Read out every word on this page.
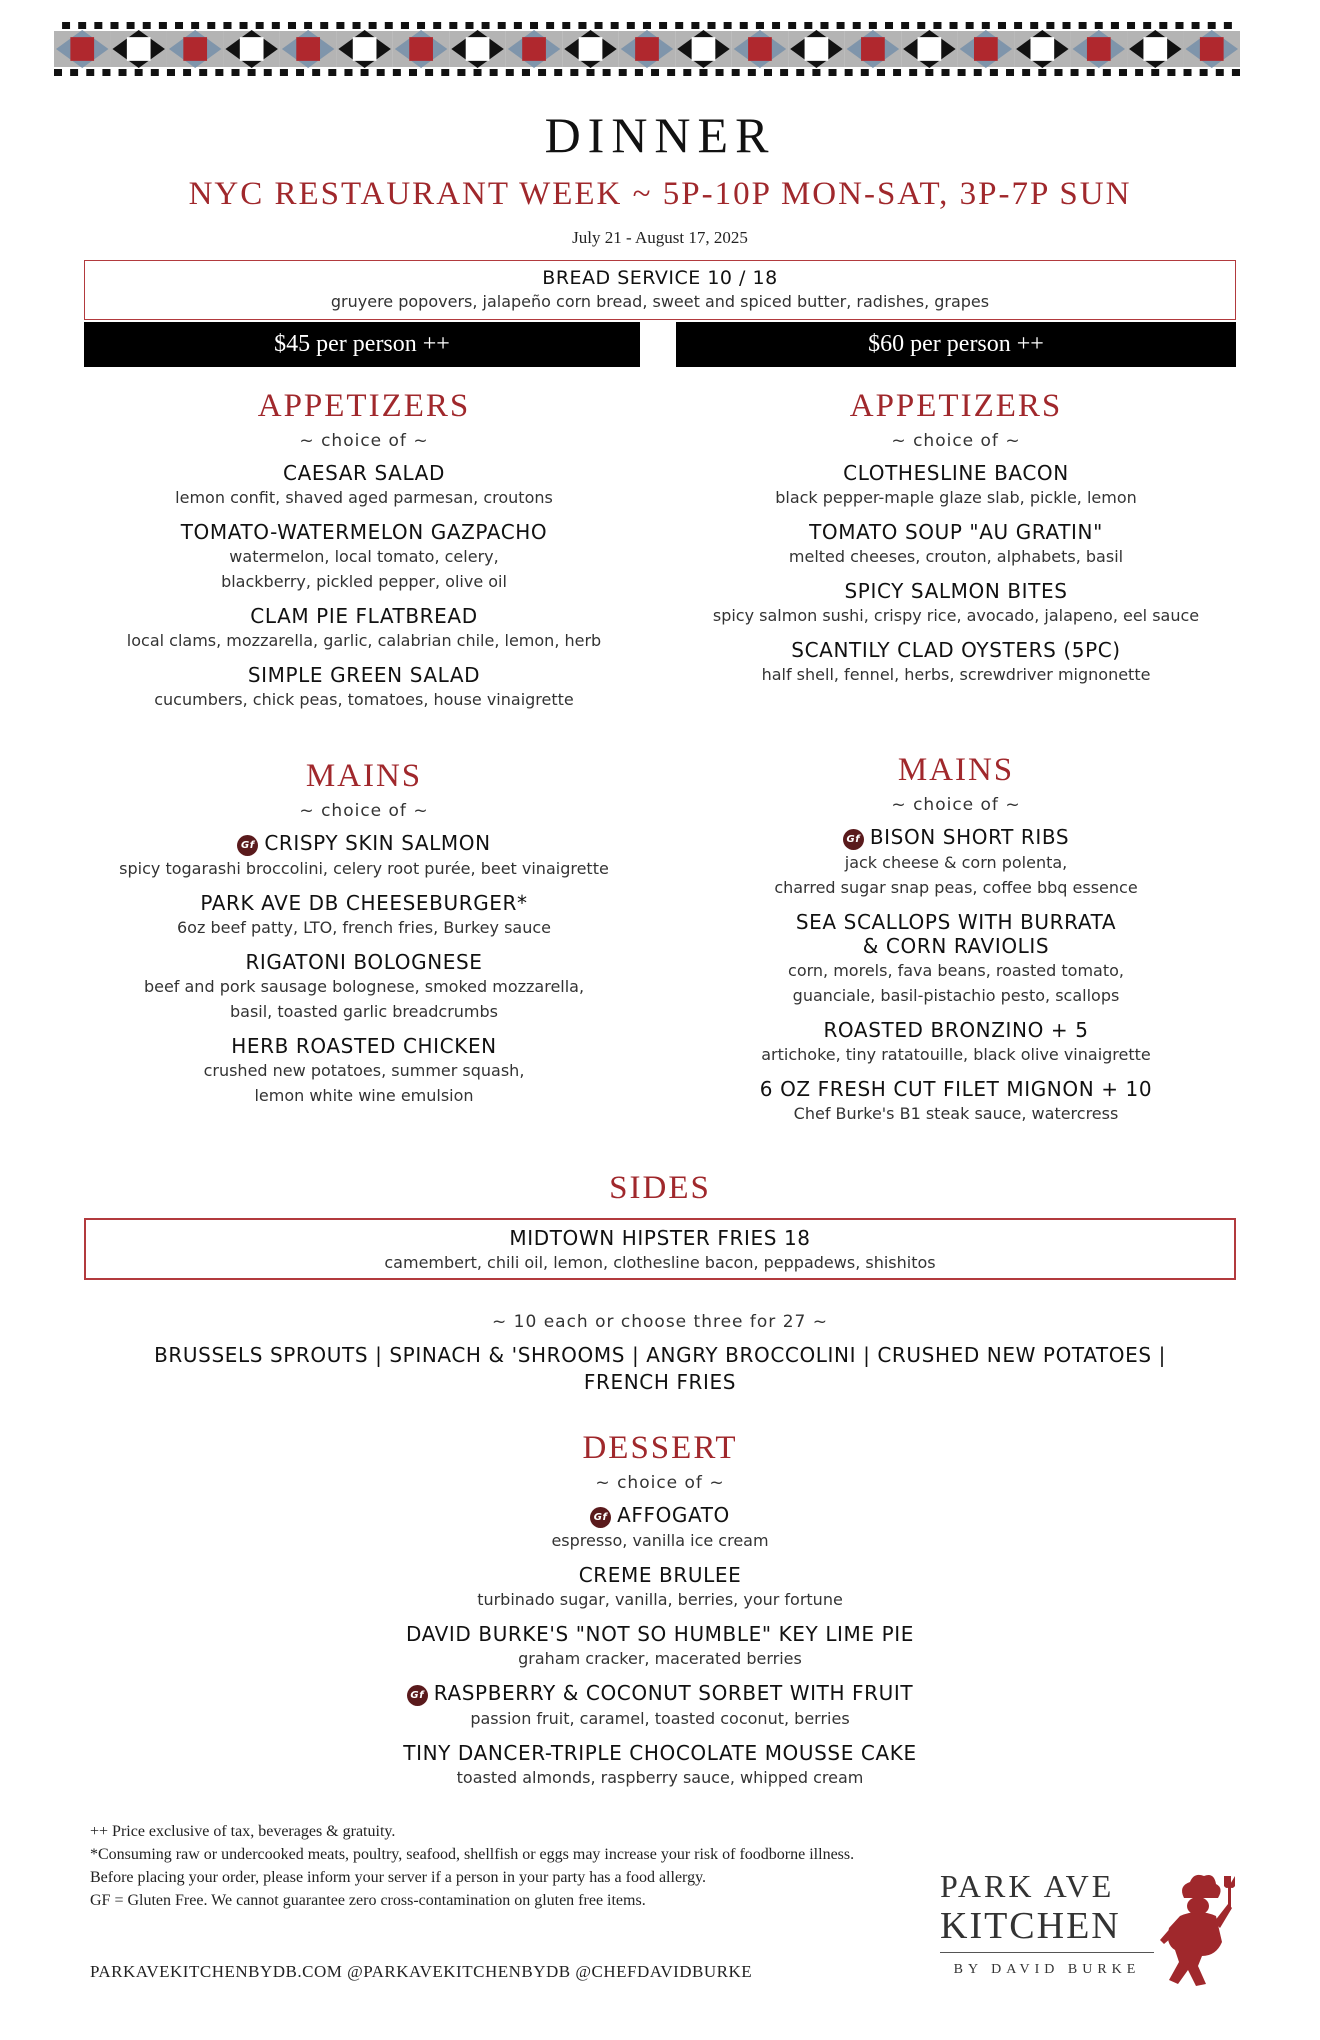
DINNER
NYC RESTAURANT WEEK ~ 5P-10P MON-SAT, 3P-7P SUN
July 21 - August 17, 2025
BREAD SERVICE 10 / 18
gruyere popovers, jalapeño corn bread, sweet and spiced butter, radishes, grapes
$45 per person ++	$60 per person ++
APPETIZERS
~ choice of ~
CAESAR SALAD
lemon confit, shaved aged parmesan, croutons
TOMATO-WATERMELON GAZPACHO
watermelon, local tomato, celery,
blackberry, pickled pepper, olive oil
CLAM PIE FLATBREAD
local clams, mozzarella, garlic, calabrian chile, lemon, herb
SIMPLE GREEN SALAD
cucumbers, chick peas, tomatoes, house vinaigrette
MAINS
~ choice of ~
Gf CRISPY SKIN SALMON
spicy togarashi broccolini, celery root purée, beet vinaigrette
PARK AVE DB CHEESEBURGER*
6oz beef patty, LTO, french fries, Burkey sauce
RIGATONI BOLOGNESE
beef and pork sausage bolognese, smoked mozzarella,
basil, toasted garlic breadcrumbs
HERB ROASTED CHICKEN
crushed new potatoes, summer squash,
lemon white wine emulsion
APPETIZERS
~ choice of ~
CLOTHESLINE BACON
black pepper-maple glaze slab, pickle, lemon
TOMATO SOUP "AU GRATIN"
melted cheeses, crouton, alphabets, basil
SPICY SALMON BITES
spicy salmon sushi, crispy rice, avocado, jalapeno, eel sauce
SCANTILY CLAD OYSTERS (5PC)
half shell, fennel, herbs, screwdriver mignonette
MAINS
~ choice of ~
Gf BISON SHORT RIBS
jack cheese & corn polenta,
charred sugar snap peas, coffee bbq essence
SEA SCALLOPS WITH BURRATA
& CORN RAVIOLIS
corn, morels, fava beans, roasted tomato,
guanciale, basil-pistachio pesto, scallops
ROASTED BRONZINO + 5
artichoke, tiny ratatouille, black olive vinaigrette
6 OZ FRESH CUT FILET MIGNON + 10
Chef Burke's B1 steak sauce, watercress
SIDES
MIDTOWN HIPSTER FRIES 18
camembert, chili oil, lemon, clothesline bacon, peppadews, shishitos
~ 10 each or choose three for 27 ~
BRUSSELS SPROUTS | SPINACH & 'SHROOMS | ANGRY BROCCOLINI | CRUSHED NEW POTATOES |
FRENCH FRIES
DESSERT
~ choice of ~
Gf AFFOGATO
espresso, vanilla ice cream
CREME BRULEE
turbinado sugar, vanilla, berries, your fortune
DAVID BURKE'S "NOT SO HUMBLE" KEY LIME PIE
graham cracker, macerated berries
Gf RASPBERRY & COCONUT SORBET WITH FRUIT
passion fruit, caramel, toasted coconut, berries
TINY DANCER-TRIPLE CHOCOLATE MOUSSE CAKE
toasted almonds, raspberry sauce, whipped cream
++ Price exclusive of tax, beverages & gratuity.
*Consuming raw or undercooked meats, poultry, seafood, shellfish or eggs may increase your risk of foodborne illness.
Before placing your order, please inform your server if a person in your party has a food allergy.
GF = Gluten Free. We cannot guarantee zero cross-contamination on gluten free items.
PARKAVEKITCHENBYDB.COM @PARKAVEKITCHENBYDB @CHEFDAVIDBURKE
PARK AVE
KITCHEN
BY DAVID BURKE
